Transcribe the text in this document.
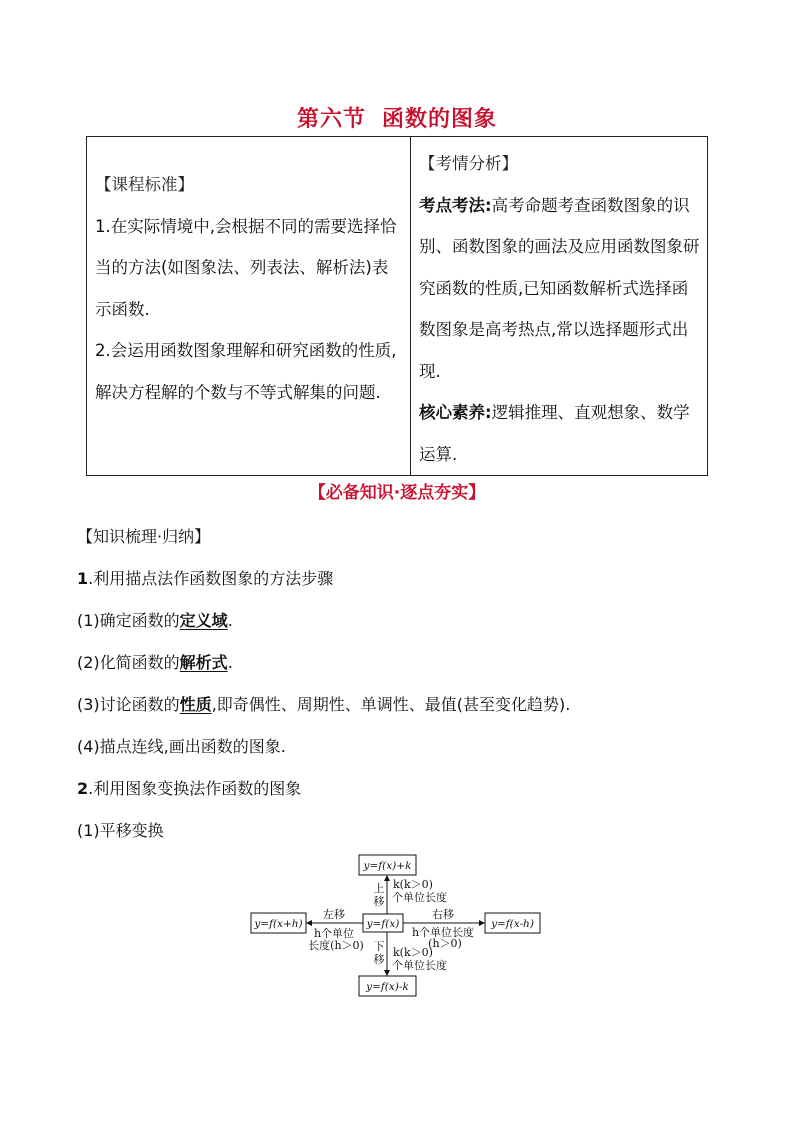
第六节 函数的图象

【课程标准】

1.在实际情境中,会根据不同的需要选择恰当的方法(如图象法、列表法、解析法)表示函数.

2.会运用函数图象理解和研究函数的性质,解决方程解的个数与不等式解集的问题.

【考情分析】

考点考法:高考命题考查函数图象的识别、函数图象的画法及应用函数图象研究函数的性质,已知函数解析式选择函数图象是高考热点,常以选择题形式出现.

核心素养:逻辑推理、直观想象、数学运算.

【必备知识·逐点夯实】
【知识梳理·归纳】
1.利用描点法作函数图象的方法步骤
(1)确定函数的定义域.
(2)化简函数的解析式.
(3)讨论函数的性质,即奇偶性、周期性、单调性、最值(甚至变化趋势).
(4)描点连线,画出函数的图象.
2.利用图象变换法作函数的图象
(1)平移变换
y=f(x)+k
y=f(x)
y=f(x+h)	y=f(x-h)
y=f(x)-k
上
移
k(k＞0)
个单位长度
下
移
k(k＞0)
个单位长度
左移
h个单位
长度(h＞0)
右移
h个单位长度
(h＞0)
